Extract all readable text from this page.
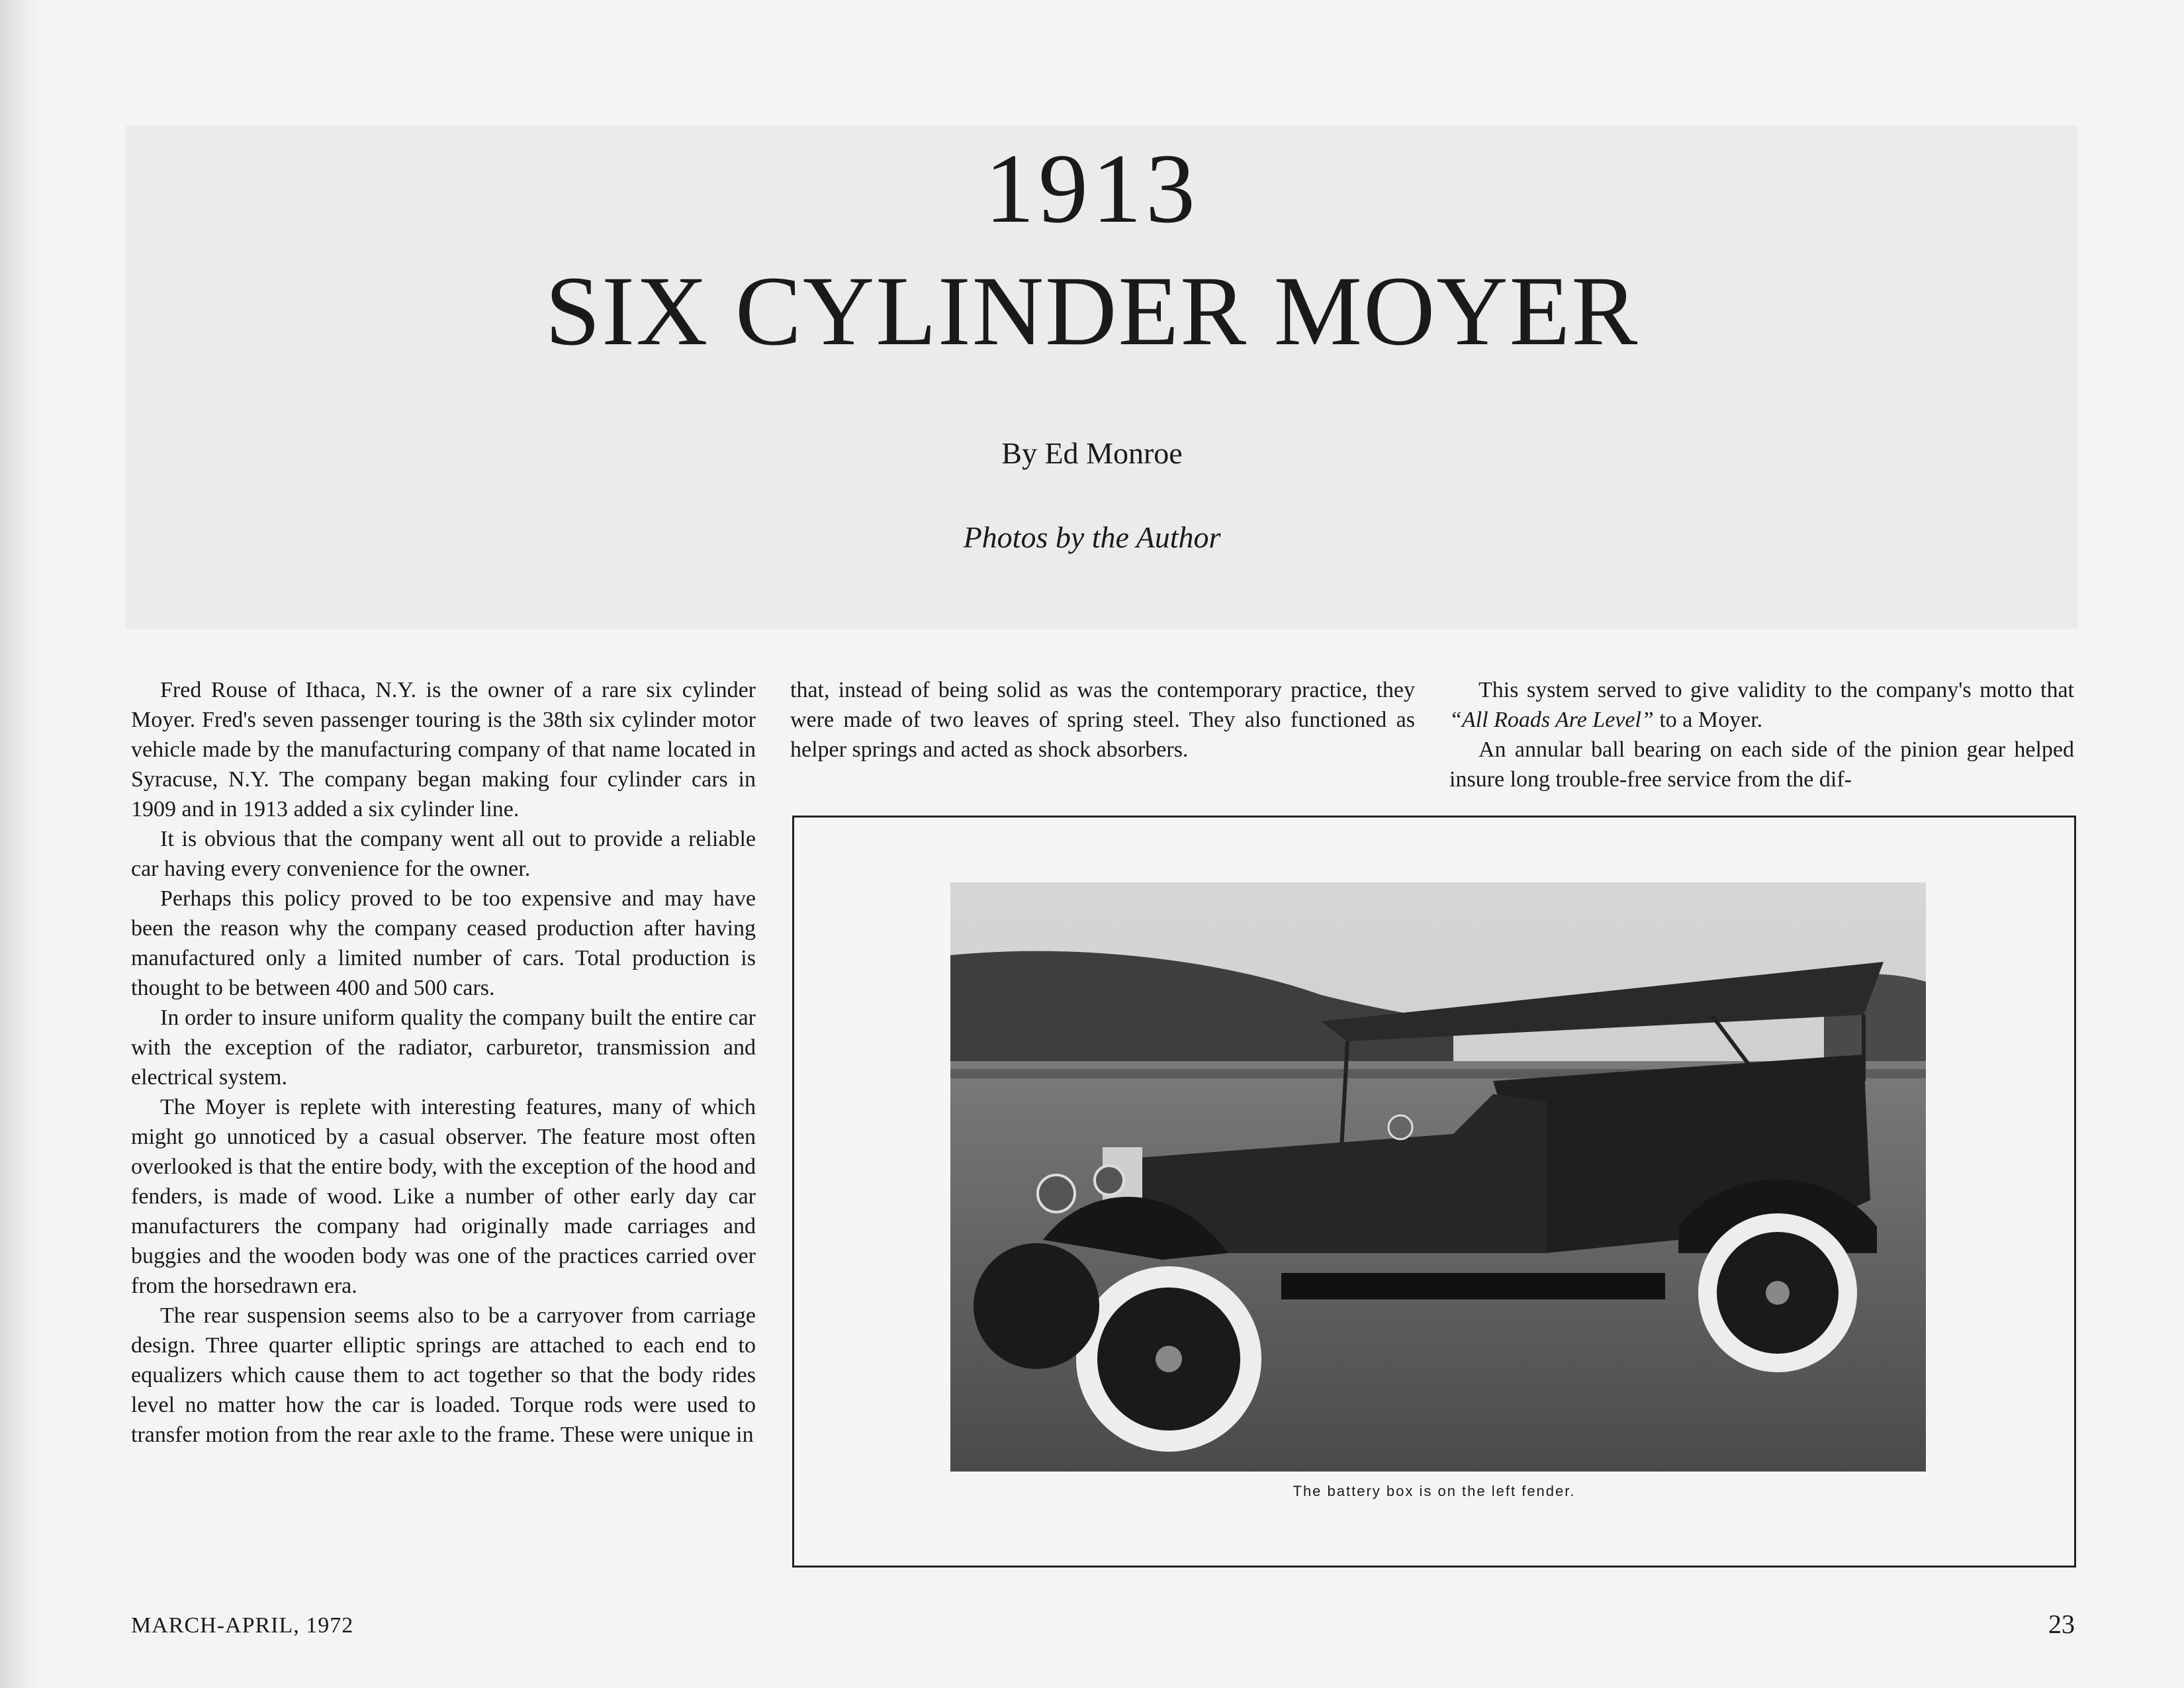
1913
SIX CYLINDER MOYER
By Ed Monroe
Photos by the Author

Fred Rouse of Ithaca, N.Y. is the owner of a rare six cylinder Moyer. Fred's seven passenger touring is the 38th six cylinder motor vehicle made by the manufacturing company of that name located in Syracuse, N.Y. The company began making four cylinder cars in 1909 and in 1913 added a six cylinder line.

It is obvious that the company went all out to provide a reliable car having every convenience for the owner.

Perhaps this policy proved to be too expensive and may have been the reason why the company ceased production after having manufactured only a limited number of cars. Total production is thought to be between 400 and 500 cars.

In order to insure uniform quality the company built the entire car with the exception of the radiator, carburetor, transmission and electrical system.

The Moyer is replete with interesting features, many of which might go unnoticed by a casual observer. The feature most often overlooked is that the entire body, with the exception of the hood and fenders, is made of wood. Like a number of other early day car manufacturers the company had originally made carriages and buggies and the wooden body was one of the practices carried over from the horsedrawn era.

The rear suspension seems also to be a carryover from carriage design. Three quarter elliptic springs are attached to each end to equalizers which cause them to act together so that the body rides level no matter how the car is loaded. Torque rods were used to transfer motion from the rear axle to the frame. These were unique in

that, instead of being solid as was the contemporary practice, they were made of two leaves of spring steel. They also functioned as helper springs and acted as shock absorbers.

This system served to give validity to the company's motto that “All Roads Are Level” to a Moyer.

An annular ball bearing on each side of the pinion gear helped insure long trouble-free service from the dif-

The battery box is on the left fender.
MARCH-APRIL, 1972	23
